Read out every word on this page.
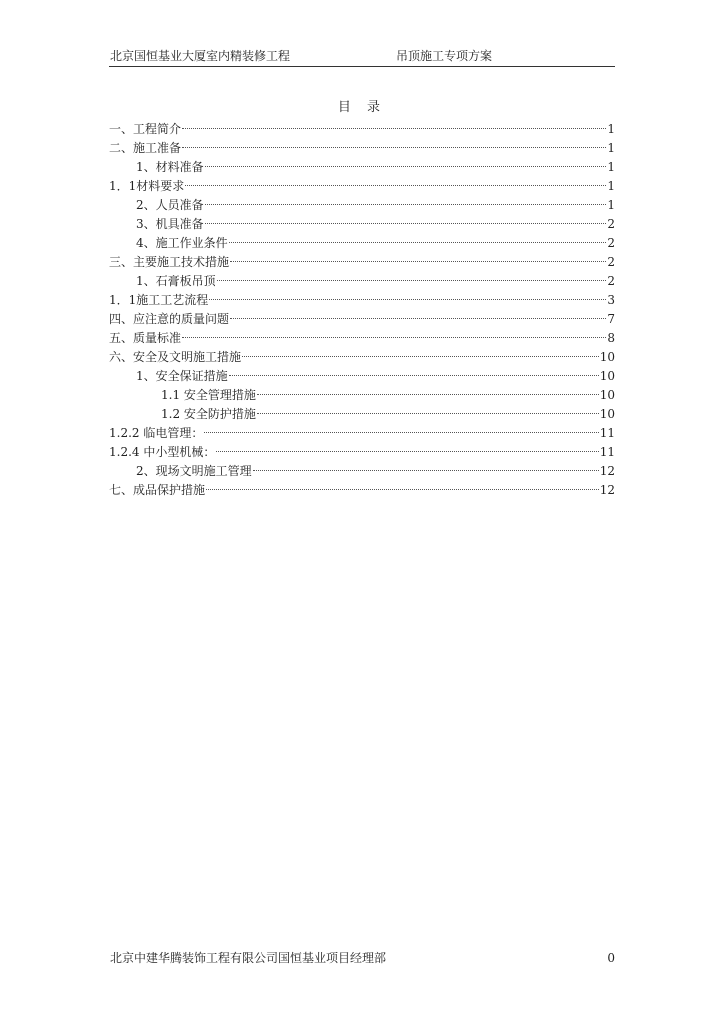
北京国恒基业大厦室内精装修工程	吊顶施工专项方案
目 录
一、工程简介	1
二、施工准备	1
1、材料准备	1
1．1材料要求	1
2、人员准备	1
3、机具准备	2
4、施工作业条件	2
三、主要施工技术措施	2
1、石膏板吊顶	2
1．1施工工艺流程	3
四、应注意的质量问题	7
五、质量标准	8
六、安全及文明施工措施	10
1、安全保证措施	10
1.1 安全管理措施	10
1.2 安全防护措施	10
1.2.2 临电管理：	11
1.2.4 中小型机械：	11
2、现场文明施工管理	12
七、成品保护措施	12
北京中建华腾装饰工程有限公司国恒基业项目经理部	0
